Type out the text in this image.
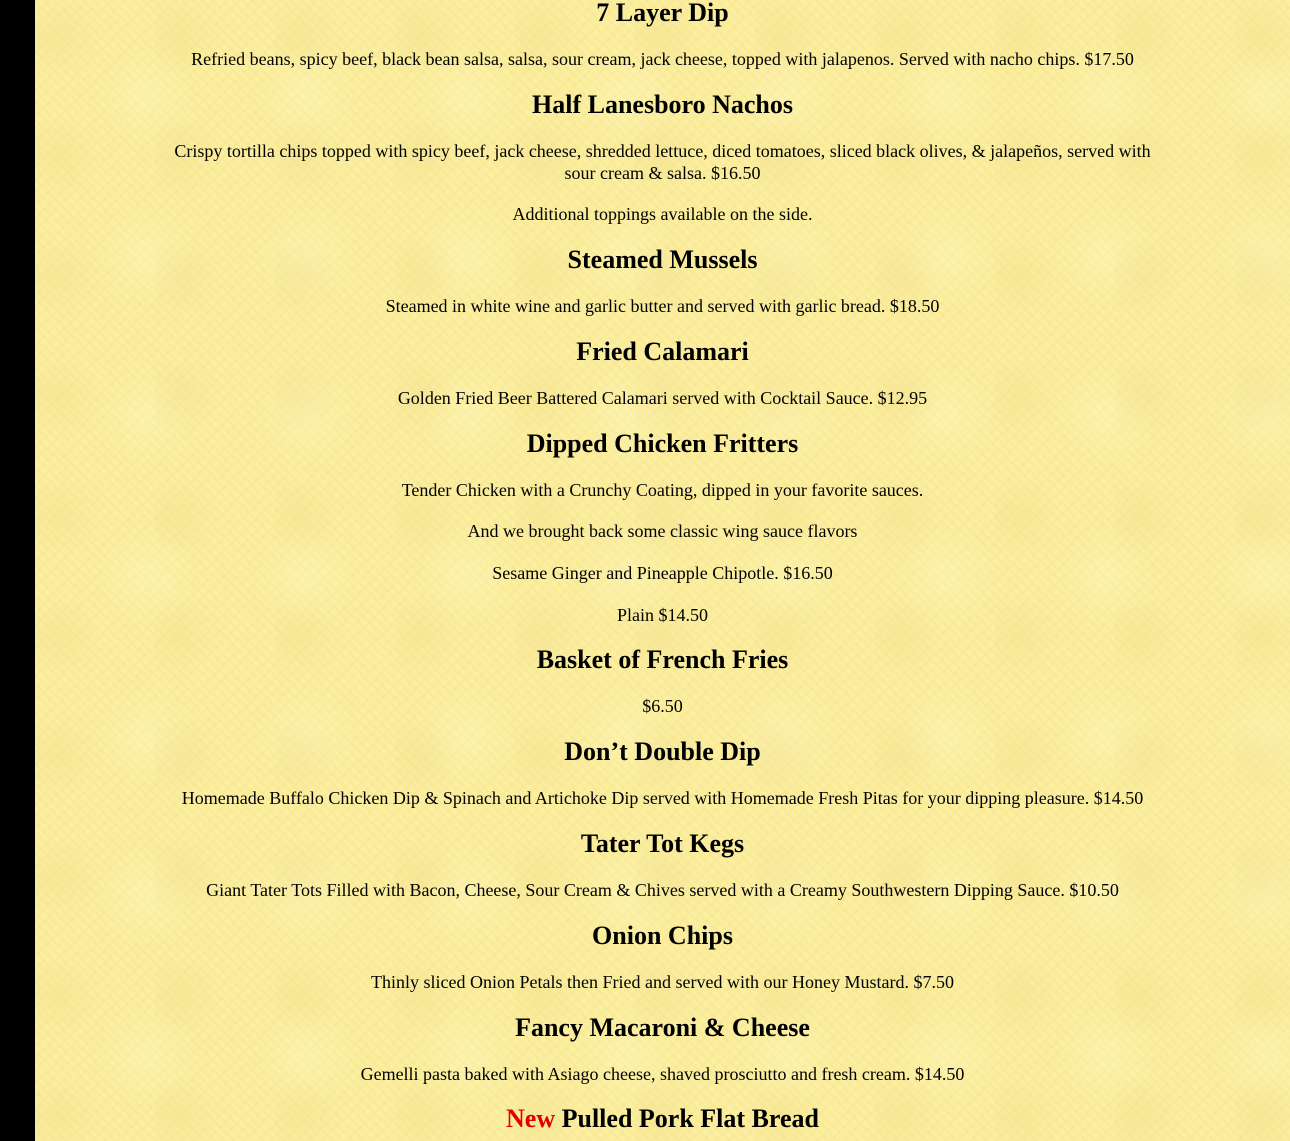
7 Layer Dip
Refried beans, spicy beef, black bean salsa, salsa, sour cream, jack cheese, topped with jalapenos. Served with nacho chips. $17.50
Half Lanesboro Nachos
Crispy tortilla chips topped with spicy beef, jack cheese, shredded lettuce, diced tomatoes, sliced black olives, & jalapeños, served with sour cream & salsa. $16.50
Additional toppings available on the side.
Steamed Mussels
Steamed in white wine and garlic butter and served with garlic bread. $18.50
Fried Calamari
Golden Fried Beer Battered Calamari served with Cocktail Sauce. $12.95
Dipped Chicken Fritters
Tender Chicken with a Crunchy Coating, dipped in your favorite sauces.
And we brought back some classic wing sauce flavors
Sesame Ginger and Pineapple Chipotle. $16.50
Plain $14.50
Basket of French Fries
$6.50
Don’t Double Dip
Homemade Buffalo Chicken Dip & Spinach and Artichoke Dip served with Homemade Fresh Pitas for your dipping pleasure. $14.50
Tater Tot Kegs
Giant Tater Tots Filled with Bacon, Cheese, Sour Cream & Chives served with a Creamy Southwestern Dipping Sauce. $10.50
Onion Chips
Thinly sliced Onion Petals then Fried and served with our Honey Mustard. $7.50
Fancy Macaroni & Cheese
Gemelli pasta baked with Asiago cheese, shaved prosciutto and fresh cream. $14.50
New Pulled Pork Flat Bread
